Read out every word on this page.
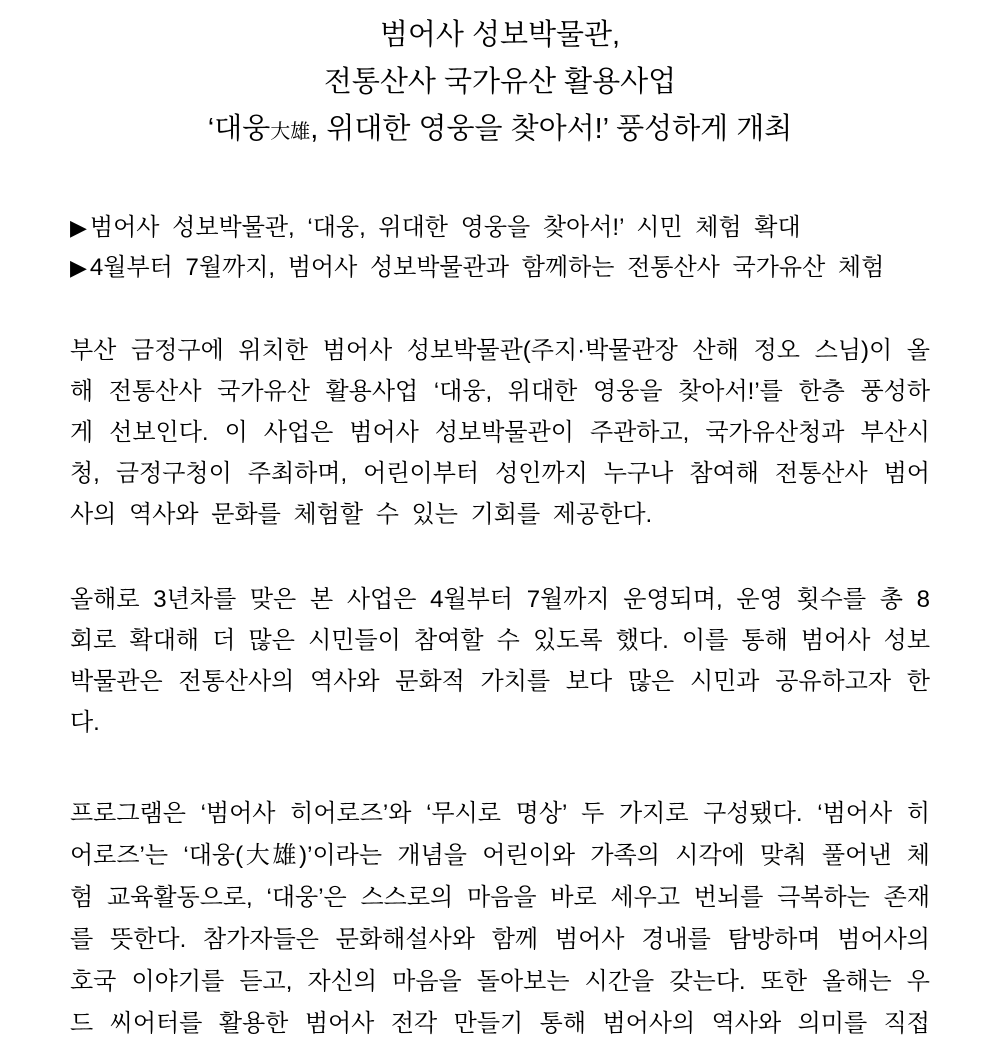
범어사 성보박물관,
전통산사 국가유산 활용사업
‘대웅大雄, 위대한 영웅을 찾아서!’ 풍성하게 개최
▶ 범어사 성보박물관, ‘대웅, 위대한 영웅을 찾아서!’ 시민 체험 확대
▶ 4월부터 7월까지, 범어사 성보박물관과 함께하는 전통산사 국가유산 체험
부산 금정구에 위치한 범어사 성보박물관(주지·박물관장 산해 정오 스님)이 올
해 전통산사 국가유산 활용사업 ‘대웅, 위대한 영웅을 찾아서!’를 한층 풍성하
게 선보인다. 이 사업은 범어사 성보박물관이 주관하고, 국가유산청과 부산시
청, 금정구청이 주최하며, 어린이부터 성인까지 누구나 참여해 전통산사 범어
사의 역사와 문화를 체험할 수 있는 기회를 제공한다.
올해로 3년차를 맞은 본 사업은 4월부터 7월까지 운영되며, 운영 횟수를 총 8
회로 확대해 더 많은 시민들이 참여할 수 있도록 했다. 이를 통해 범어사 성보
박물관은 전통산사의 역사와 문화적 가치를 보다 많은 시민과 공유하고자 한
다.
프로그램은 ‘범어사 히어로즈’와 ‘무시로 명상’ 두 가지로 구성됐다. ‘범어사 히
어로즈’는 ‘대웅(大雄)’이라는 개념을 어린이와 가족의 시각에 맞춰 풀어낸 체
험 교육활동으로, ‘대웅’은 스스로의 마음을 바로 세우고 번뇌를 극복하는 존재
를 뜻한다. 참가자들은 문화해설사와 함께 범어사 경내를 탐방하며 범어사의
호국 이야기를 듣고, 자신의 마음을 돌아보는 시간을 갖는다. 또한 올해는 우
드 씨어터를 활용한 범어사 전각 만들기 통해 범어사의 역사와 의미를 직접
